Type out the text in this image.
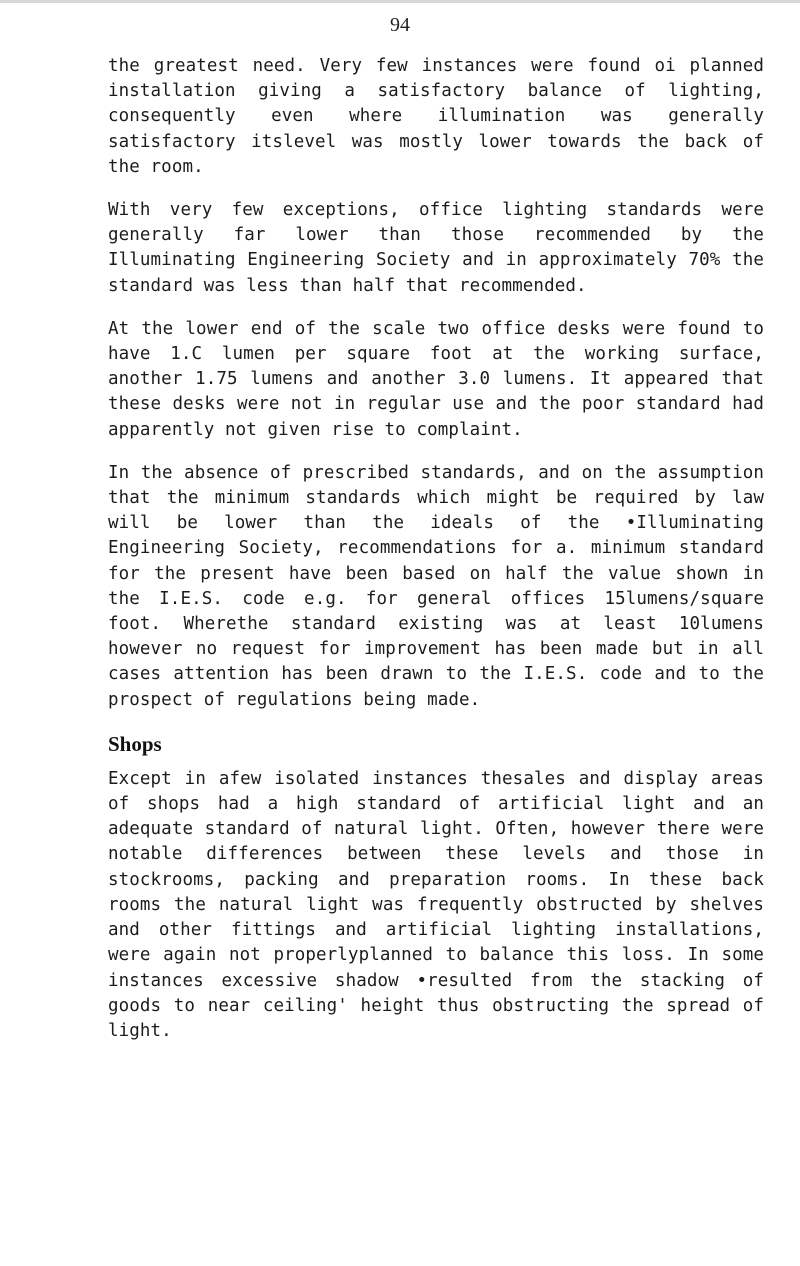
94

the greatest need. Very few instances were found oi planned installation giving a satisfactory balance of lighting, consequently even where illumination was generally satisfactory itslevel was mostly lower towards the back of the room.

With very few exceptions, office lighting standards were generally far lower than those recommended by the Illuminating Engineering Society and in approximately 70% the standard was less than half that recommended.

At the lower end of the scale two office desks were found to have 1.C lumen per square foot at the working surface, another 1.75 lumens and another 3.0 lumens. It appeared that these desks were not in regular use and the poor standard had apparently not given rise to complaint.

In the absence of prescribed standards, and on the assumption that the minimum standards which might be required by law will be lower than the ideals of the •Illuminating Engineering Society, recommendations for a. minimum standard for the present have been based on half the value shown in the I.E.S. code e.g. for general offices 15lumens/square foot. Wherethe standard existing was at least 10lumens however no request for improvement has been made but in all cases attention has been drawn to the I.E.S. code and to the prospect of regulations being made.

Shops

Except in afew isolated instances thesales and display areas of shops had a high standard of artificial light and an adequate standard of natural light. Often, however there were notable differences between these levels and those in stockrooms, packing and preparation rooms. In these back rooms the natural light was frequently obstructed by shelves and other fittings and artificial lighting installations, were again not properlyplanned to balance this loss. In some instances excessive shadow •resulted from the stacking of goods to near ceiling' height thus obstructing the spread of light.
